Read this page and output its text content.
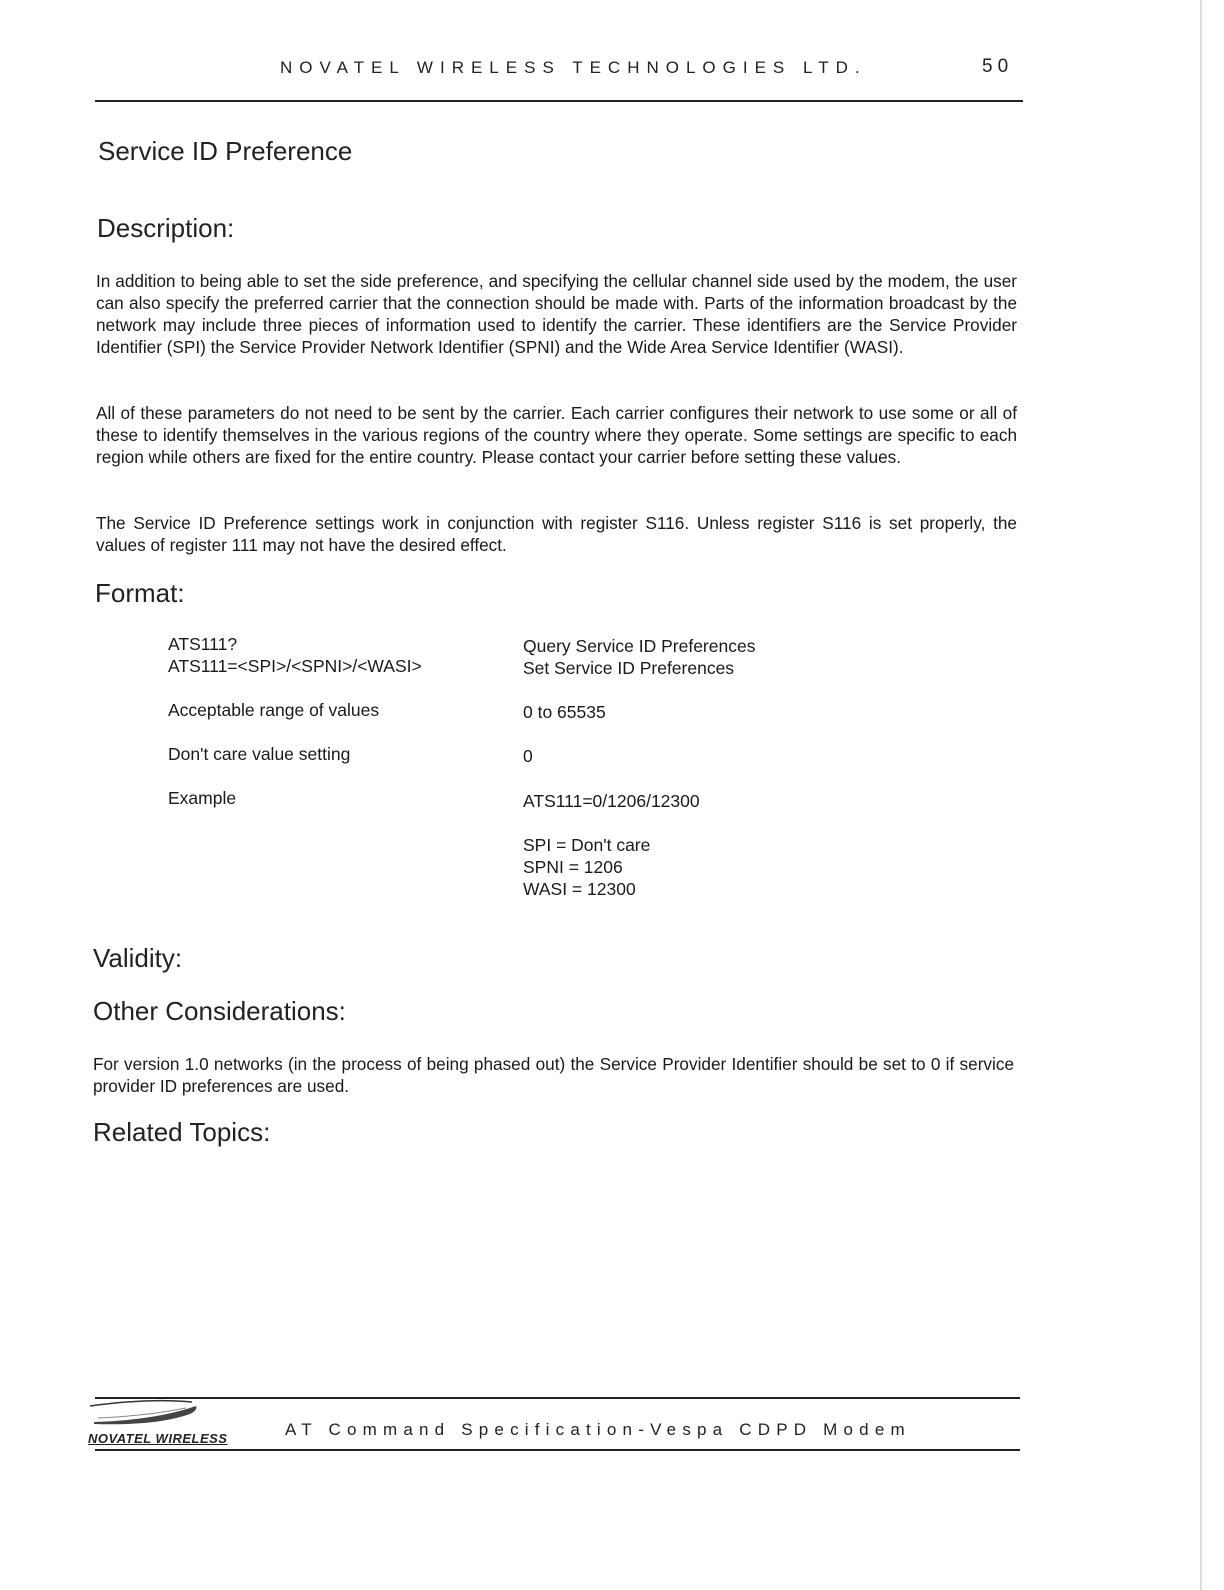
NOVATEL WIRELESS TECHNOLOGIES LTD.	50
Service ID Preference
Description:
In addition to being able to set the side preference, and specifying the cellular channel side used by the modem, the user can also specify the preferred carrier that the connection should be made with. Parts of the information broadcast by the network may include three pieces of information used to identify the carrier. These identifiers are the Service Provider Identifier (SPI) the Service Provider Network Identifier (SPNI) and the Wide Area Service Identifier (WASI).
All of these parameters do not need to be sent by the carrier. Each carrier configures their network to use some or all of these to identify themselves in the various regions of the country where they operate. Some settings are specific to each region while others are fixed for the entire country. Please contact your carrier before setting these values.
The Service ID Preference settings work in conjunction with register S116. Unless register S116 is set properly, the values of register 111 may not have the desired effect.
Format:
ATS111?	Query Service ID Preferences
ATS111=<SPI>/<SPNI>/<WASI>	Set Service ID Preferences
Acceptable range of values	0 to 65535
Don't care value setting	0
Example	ATS111=0/1206/12300
SPI = Don't care
SPNI = 1206
WASI = 12300
Validity:
Other Considerations:
For version 1.0 networks (in the process of being phased out) the Service Provider Identifier should be set to 0 if service provider ID preferences are used.
Related Topics:
NOVATEL WIRELESS	AT Command Specification-Vespa CDPD Modem
